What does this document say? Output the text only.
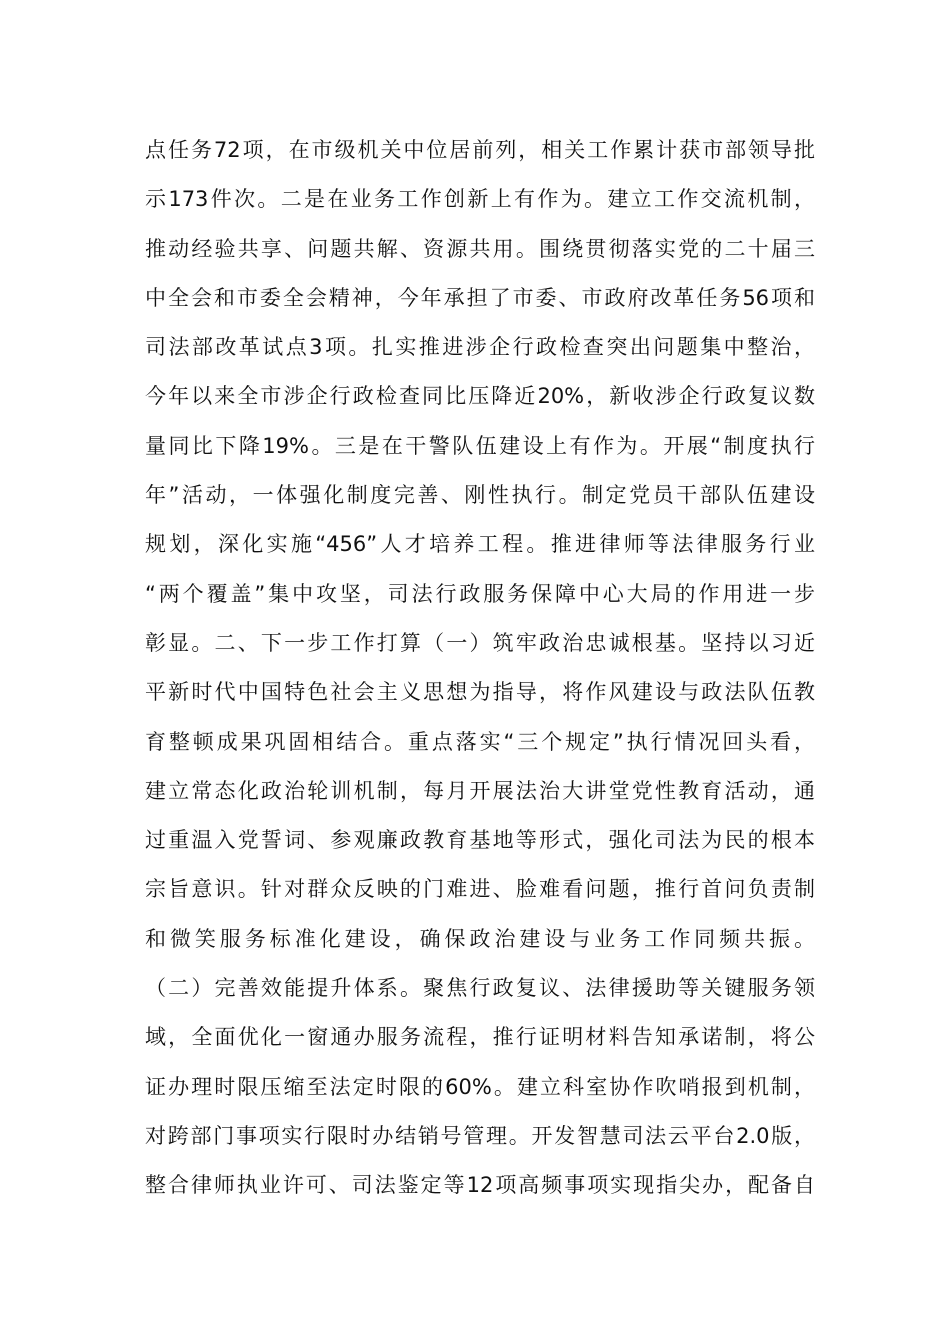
点任务72项，在市级机关中位居前列，相关工作累计获市部领导批
示173件次。二是在业务工作创新上有作为。建立工作交流机制，
推动经验共享、问题共解、资源共用。围绕贯彻落实党的二十届三
中全会和市委全会精神，今年承担了市委、市政府改革任务56项和
司法部改革试点3项。扎实推进涉企行政检查突出问题集中整治，
今年以来全市涉企行政检查同比压降近20%，新收涉企行政复议数
量同比下降19%。三是在干警队伍建设上有作为。开展“制度执行
年”活动，一体强化制度完善、刚性执行。制定党员干部队伍建设
规划，深化实施“456”人才培养工程。推进律师等法律服务行业
“两个覆盖”集中攻坚，司法行政服务保障中心大局的作用进一步
彰显。二、下一步工作打算（一）筑牢政治忠诚根基。坚持以习近
平新时代中国特色社会主义思想为指导，将作风建设与政法队伍教
育整顿成果巩固相结合。重点落实“三个规定”执行情况回头看，
建立常态化政治轮训机制，每月开展法治大讲堂党性教育活动，通
过重温入党誓词、参观廉政教育基地等形式，强化司法为民的根本
宗旨意识。针对群众反映的门难进、脸难看问题，推行首问负责制
和微笑服务标准化建设，确保政治建设与业务工作同频共振。
（二）完善效能提升体系。聚焦行政复议、法律援助等关键服务领
域，全面优化一窗通办服务流程，推行证明材料告知承诺制，将公
证办理时限压缩至法定时限的60%。建立科室协作吹哨报到机制，
对跨部门事项实行限时办结销号管理。开发智慧司法云平台2.0版，
整合律师执业许可、司法鉴定等12项高频事项实现指尖办，配备自
